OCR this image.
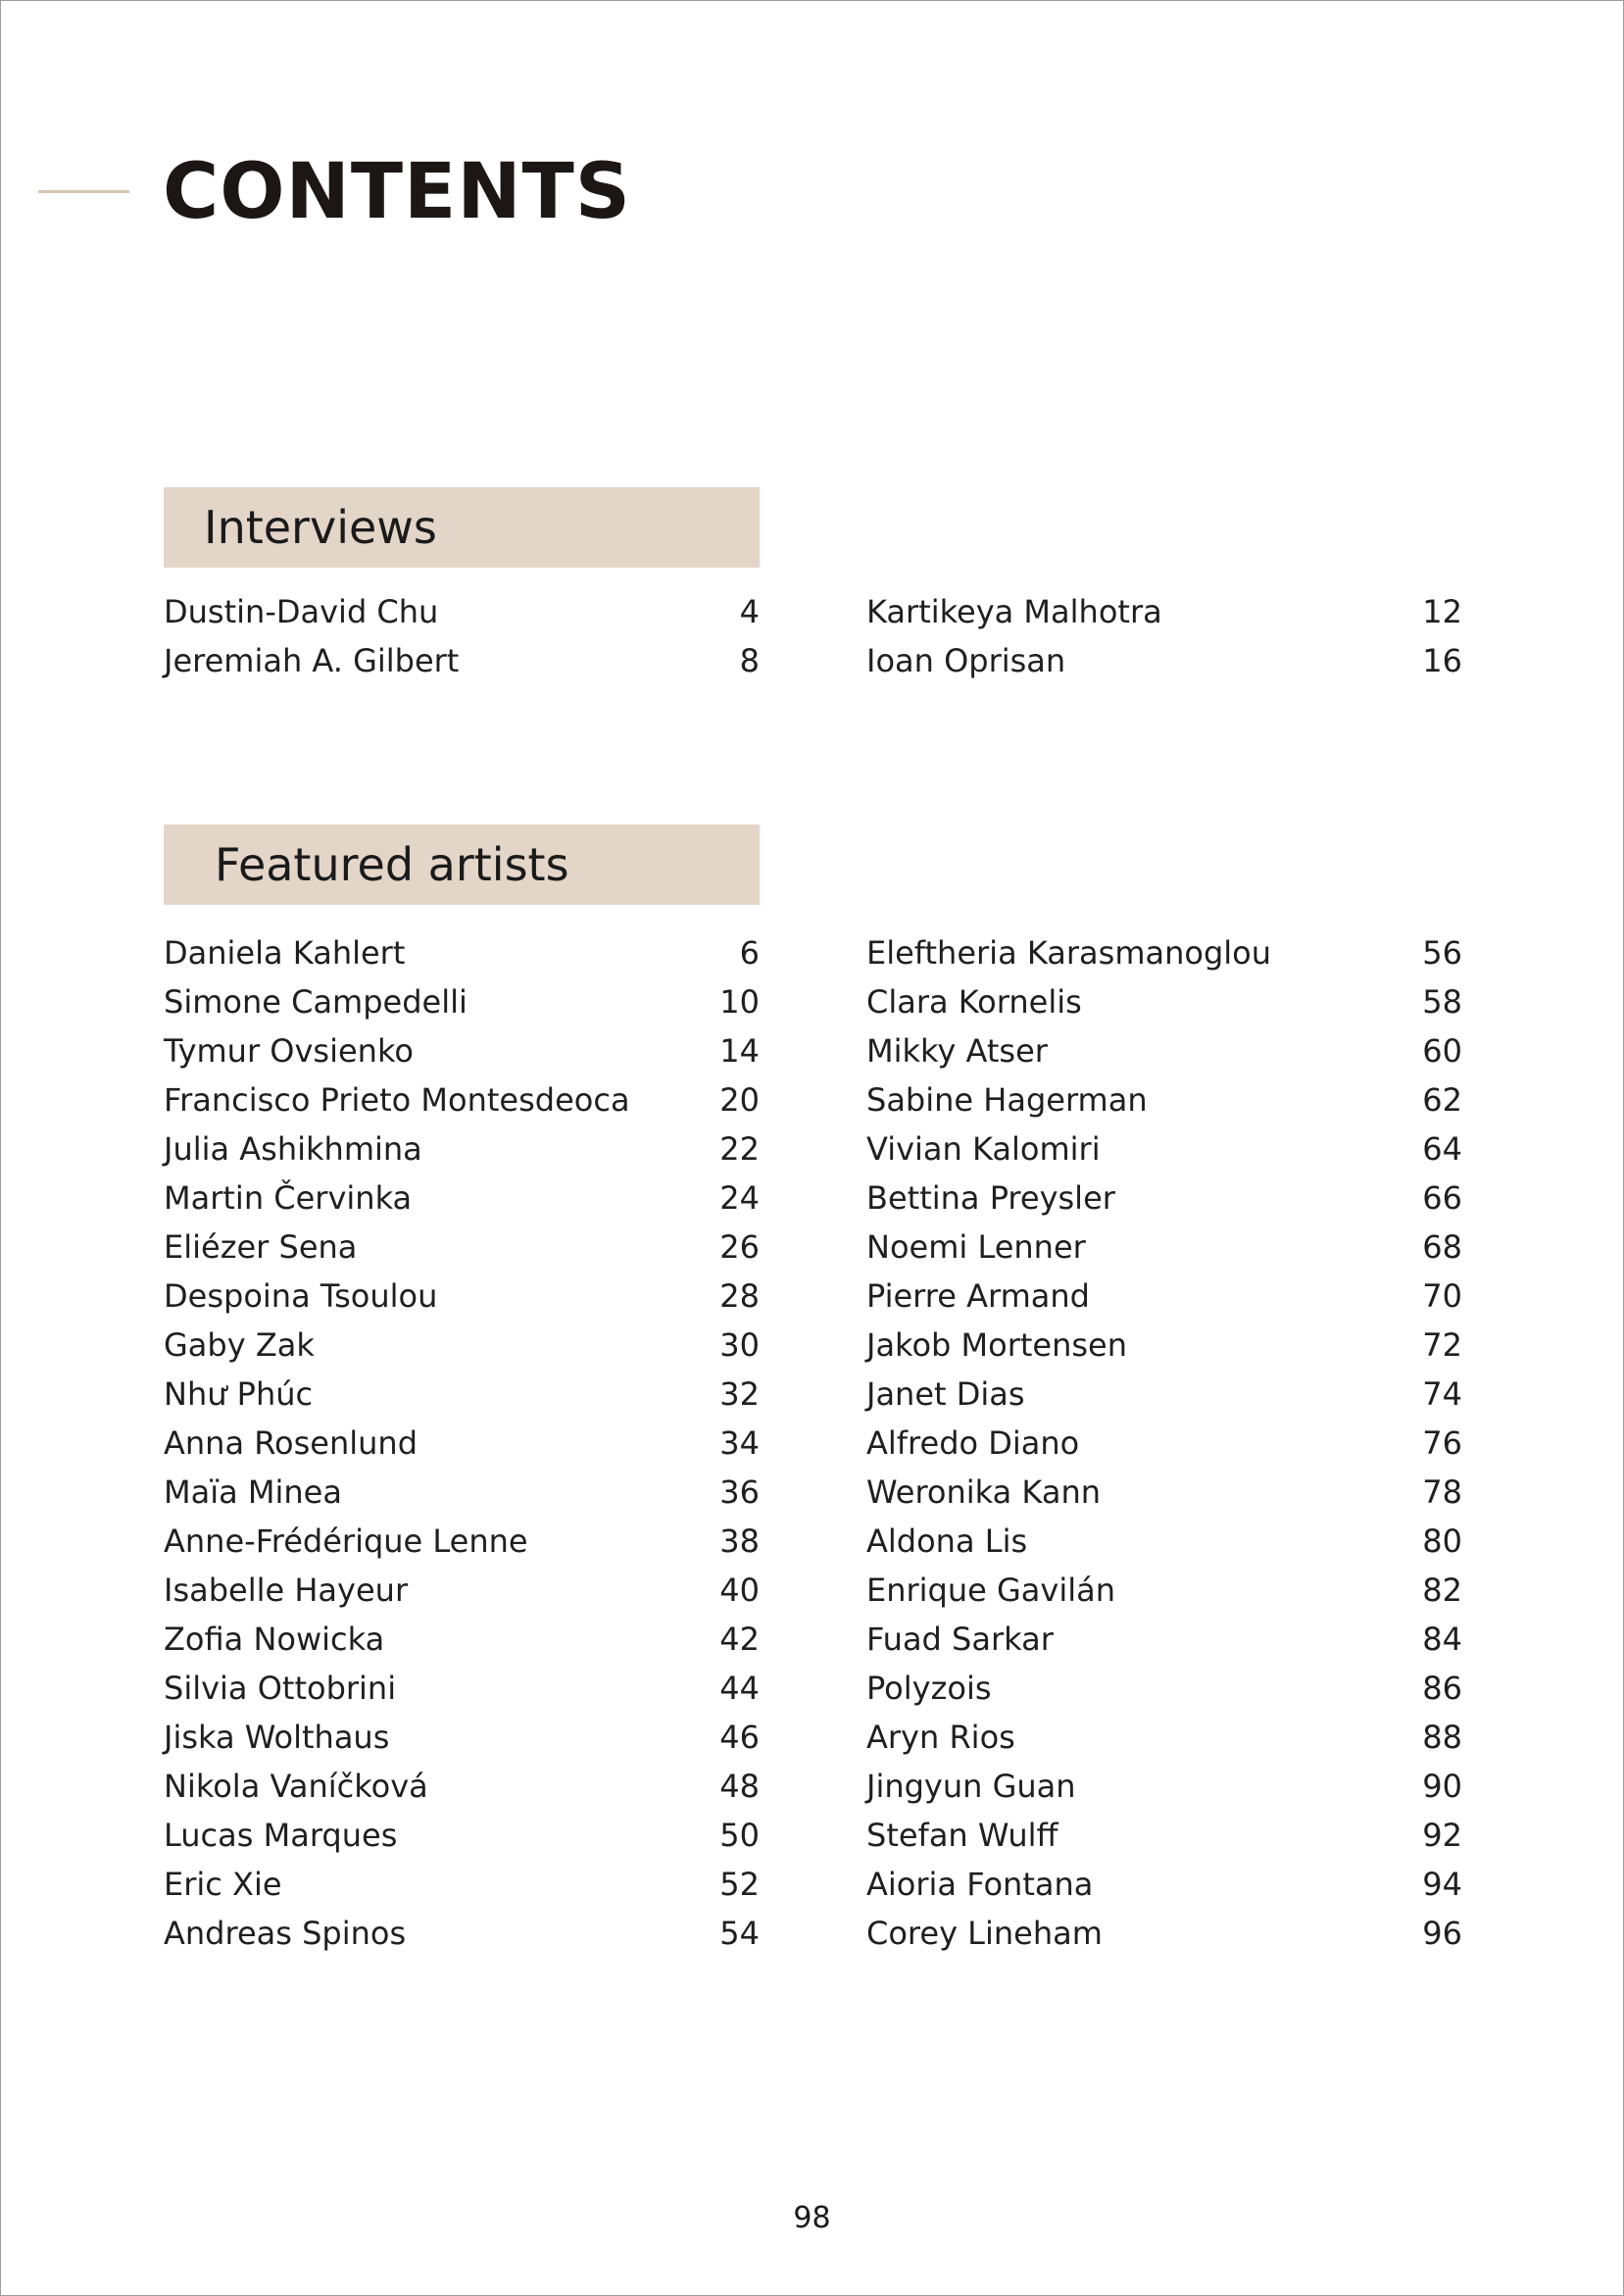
CONTENTS
Interviews
Dustin-David Chu	4
Jeremiah A. Gilbert	8
Kartikeya Malhotra	12
Ioan Oprisan	16
Featured artists
Daniela Kahlert	6
Simone Campedelli	10
Tymur Ovsienko	14
Francisco Prieto Montesdeoca	20
Julia Ashikhmina	22
Martin Červinka	24
Eliézer Sena	26
Despoina Tsoulou	28
Gaby Zak	30
Như Phúc	32
Anna Rosenlund	34
Maïa Minea	36
Anne-Frédérique Lenne	38
Isabelle Hayeur	40
Zofia Nowicka	42
Silvia Ottobrini	44
Jiska Wolthaus	46
Nikola Vaníčková	48
Lucas Marques	50
Eric Xie	52
Andreas Spinos	54
Eleftheria Karasmanoglou	56
Clara Kornelis	58
Mikky Atser	60
Sabine Hagerman	62
Vivian Kalomiri	64
Bettina Preysler	66
Noemi Lenner	68
Pierre Armand	70
Jakob Mortensen	72
Janet Dias	74
Alfredo Diano	76
Weronika Kann	78
Aldona Lis	80
Enrique Gavilán	82
Fuad Sarkar	84
Polyzois	86
Aryn Rios	88
Jingyun Guan	90
Stefan Wulff	92
Aioria Fontana	94
Corey Lineham	96
98
